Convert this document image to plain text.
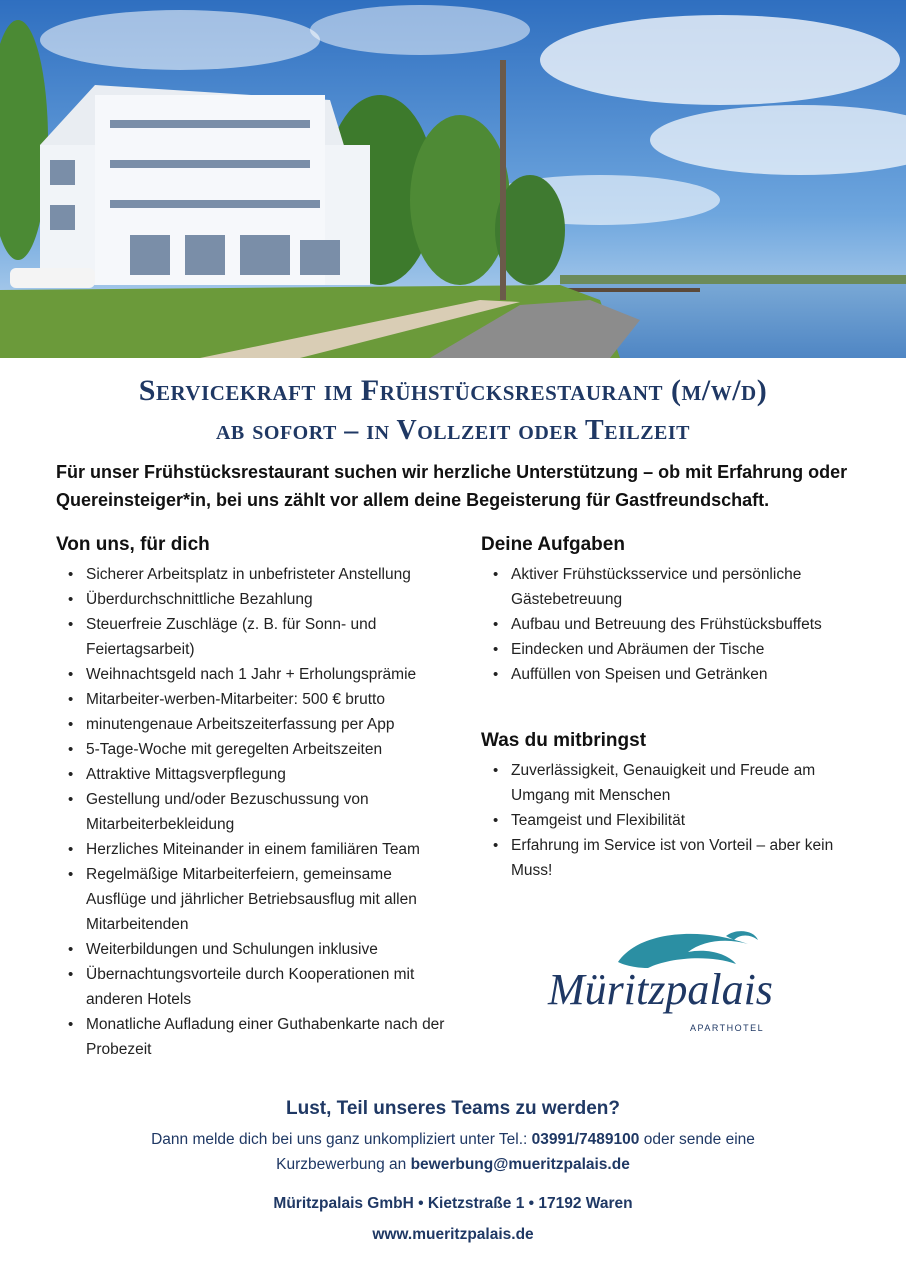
Servicekraft im Frühstücksrestaurant (m/w/d)
ab sofort – in Vollzeit oder Teilzeit

Für unser Frühstücksrestaurant suchen wir herzliche Unterstützung – ob mit Erfahrung oder Quereinsteiger*in, bei uns zählt vor allem deine Begeisterung für Gastfreundschaft.

Von uns, für dich
• Sicherer Arbeitsplatz in unbefristeter Anstellung
• Überdurchschnittliche Bezahlung
• Steuerfreie Zuschläge (z. B. für Sonn- und Feiertagsarbeit)
• Weihnachtsgeld nach 1 Jahr + Erholungsprämie
• Mitarbeiter-werben-Mitarbeiter: 500 € brutto
• minutengenaue Arbeitszeiterfassung per App
• 5-Tage-Woche mit geregelten Arbeitszeiten
• Attraktive Mittagsverpflegung
• Gestellung und/oder Bezuschussung von Mitarbeiterbekleidung
• Herzliches Miteinander in einem familiären Team
• Regelmäßige Mitarbeiterfeiern, gemeinsame Ausflüge und jährlicher Betriebsausflug mit allen Mitarbeitenden
• Weiterbildungen und Schulungen inklusive
• Übernachtungsvorteile durch Kooperationen mit anderen Hotels
• Monatliche Aufladung einer Guthabenkarte nach der Probezeit
Deine Aufgaben
• Aktiver Frühstücksservice und persönliche Gästebetreuung
• Aufbau und Betreuung des Frühstücksbuffets
• Eindecken und Abräumen der Tische
• Auffüllen von Speisen und Getränken
Was du mitbringst
• Zuverlässigkeit, Genauigkeit und Freude am Umgang mit Menschen
• Teamgeist und Flexibilität
• Erfahrung im Service ist von Vorteil – aber kein Muss!
Müritzpalais
APARTHOTEL
Lust, Teil unseres Teams zu werden?

Dann melde dich bei uns ganz unkompliziert unter Tel.: 03991/7489100 oder sende eine Kurzbewerbung an bewerbung@mueritzpalais.de

Müritzpalais GmbH • Kietzstraße 1 • 17192 Waren
www.mueritzpalais.de
